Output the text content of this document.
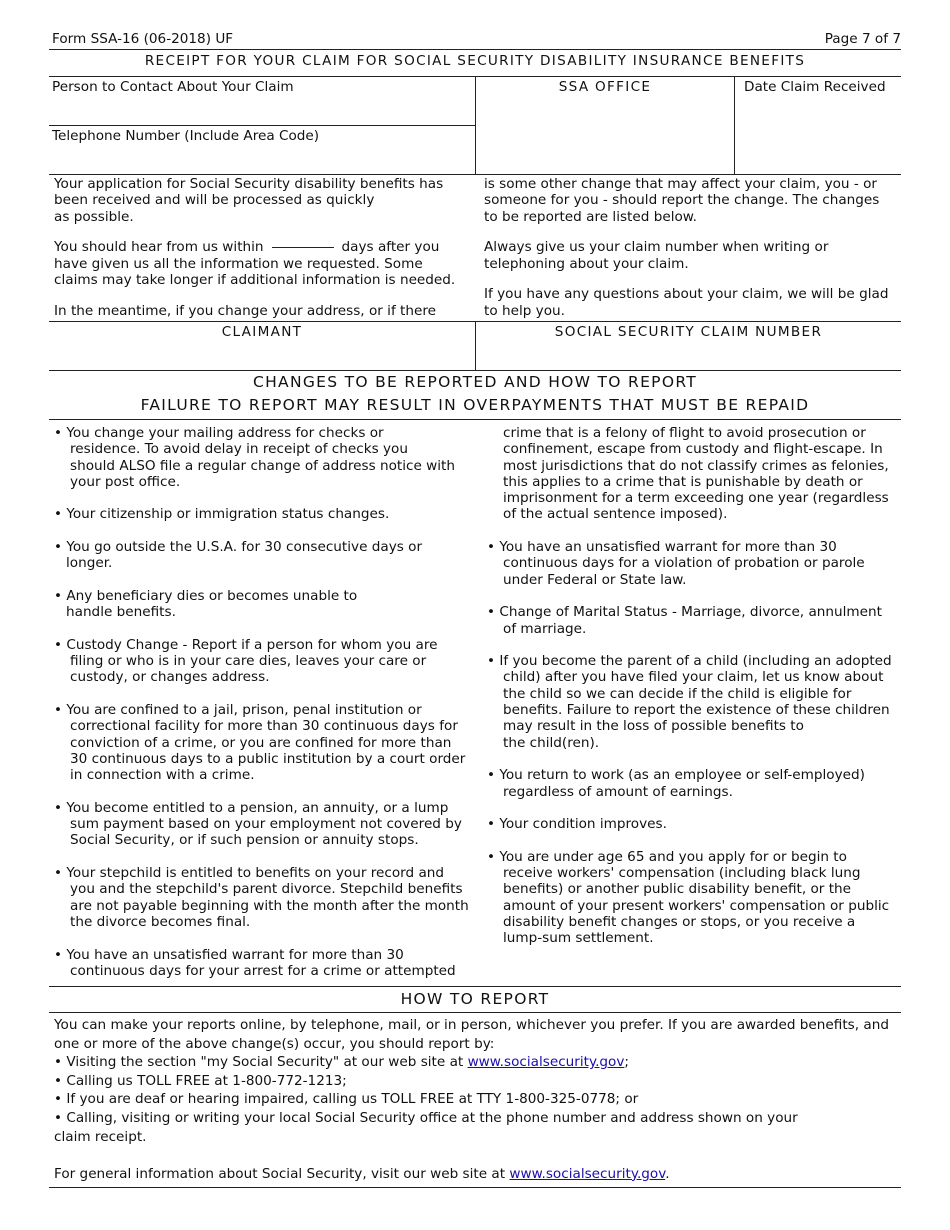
Form SSA-16 (06-2018) UF	Page 7 of 7
RECEIPT FOR YOUR CLAIM FOR SOCIAL SECURITY DISABILITY INSURANCE BENEFITS
Person to Contact About Your Claim	SSA OFFICE	Date Claim Received
Telephone Number (Include Area Code)

Your application for Social Security disability benefits has

been received and will be processed as quickly

as possible.

You should hear from us within	days after you

have given us all the information we requested. Some

claims may take longer if additional information is needed.

In the meantime, if you change your address, or if there

is some other change that may affect your claim, you - or

someone for you - should report the change. The changes

to be reported are listed below.

Always give us your claim number when writing or

telephoning about your claim.

If you have any questions about your claim, we will be glad

to help you.

CLAIMANT	SOCIAL SECURITY CLAIM NUMBER
CHANGES TO BE REPORTED AND HOW TO REPORT
FAILURE TO REPORT MAY RESULT IN OVERPAYMENTS THAT MUST BE REPAID

• You change your mailing address for checks or

residence. To avoid delay in receipt of checks you

should ALSO file a regular change of address notice with

your post office.

• Your citizenship or immigration status changes.

• You go outside the U.S.A. for 30 consecutive days or

longer.

• Any beneficiary dies or becomes unable to

handle benefits.

• Custody Change - Report if a person for whom you are

filing or who is in your care dies, leaves your care or

custody, or changes address.

• You are confined to a jail, prison, penal institution or

correctional facility for more than 30 continuous days for

conviction of a crime, or you are confined for more than

30 continuous days to a public institution by a court order

in connection with a crime.

• You become entitled to a pension, an annuity, or a lump

sum payment based on your employment not covered by

Social Security, or if such pension or annuity stops.

• Your stepchild is entitled to benefits on your record and

you and the stepchild's parent divorce. Stepchild benefits

are not payable beginning with the month after the month

the divorce becomes final.

• You have an unsatisfied warrant for more than 30

continuous days for your arrest for a crime or attempted

crime that is a felony of flight to avoid prosecution or

confinement, escape from custody and flight-escape. In

most jurisdictions that do not classify crimes as felonies,

this applies to a crime that is punishable by death or

imprisonment for a term exceeding one year (regardless

of the actual sentence imposed).

• You have an unsatisfied warrant for more than 30

continuous days for a violation of probation or parole

under Federal or State law.

• Change of Marital Status - Marriage, divorce, annulment

of marriage.

• If you become the parent of a child (including an adopted

child) after you have filed your claim, let us know about

the child so we can decide if the child is eligible for

benefits. Failure to report the existence of these children

may result in the loss of possible benefits to

the child(ren).

• You return to work (as an employee or self-employed)

regardless of amount of earnings.

• Your condition improves.

• You are under age 65 and you apply for or begin to

receive workers' compensation (including black lung

benefits) or another public disability benefit, or the

amount of your present workers' compensation or public

disability benefit changes or stops, or you receive a

lump-sum settlement.

HOW TO REPORT

You can make your reports online, by telephone, mail, or in person, whichever you prefer. If you are awarded benefits, and

one or more of the above change(s) occur, you should report by:

• Visiting the section "my Social Security" at our web site at www.socialsecurity.gov;

• Calling us TOLL FREE at 1-800-772-1213;

• If you are deaf or hearing impaired, calling us TOLL FREE at TTY 1-800-325-0778; or

• Calling, visiting or writing your local Social Security office at the phone number and address shown on your

claim receipt.

For general information about Social Security, visit our web site at www.socialsecurity.gov.
